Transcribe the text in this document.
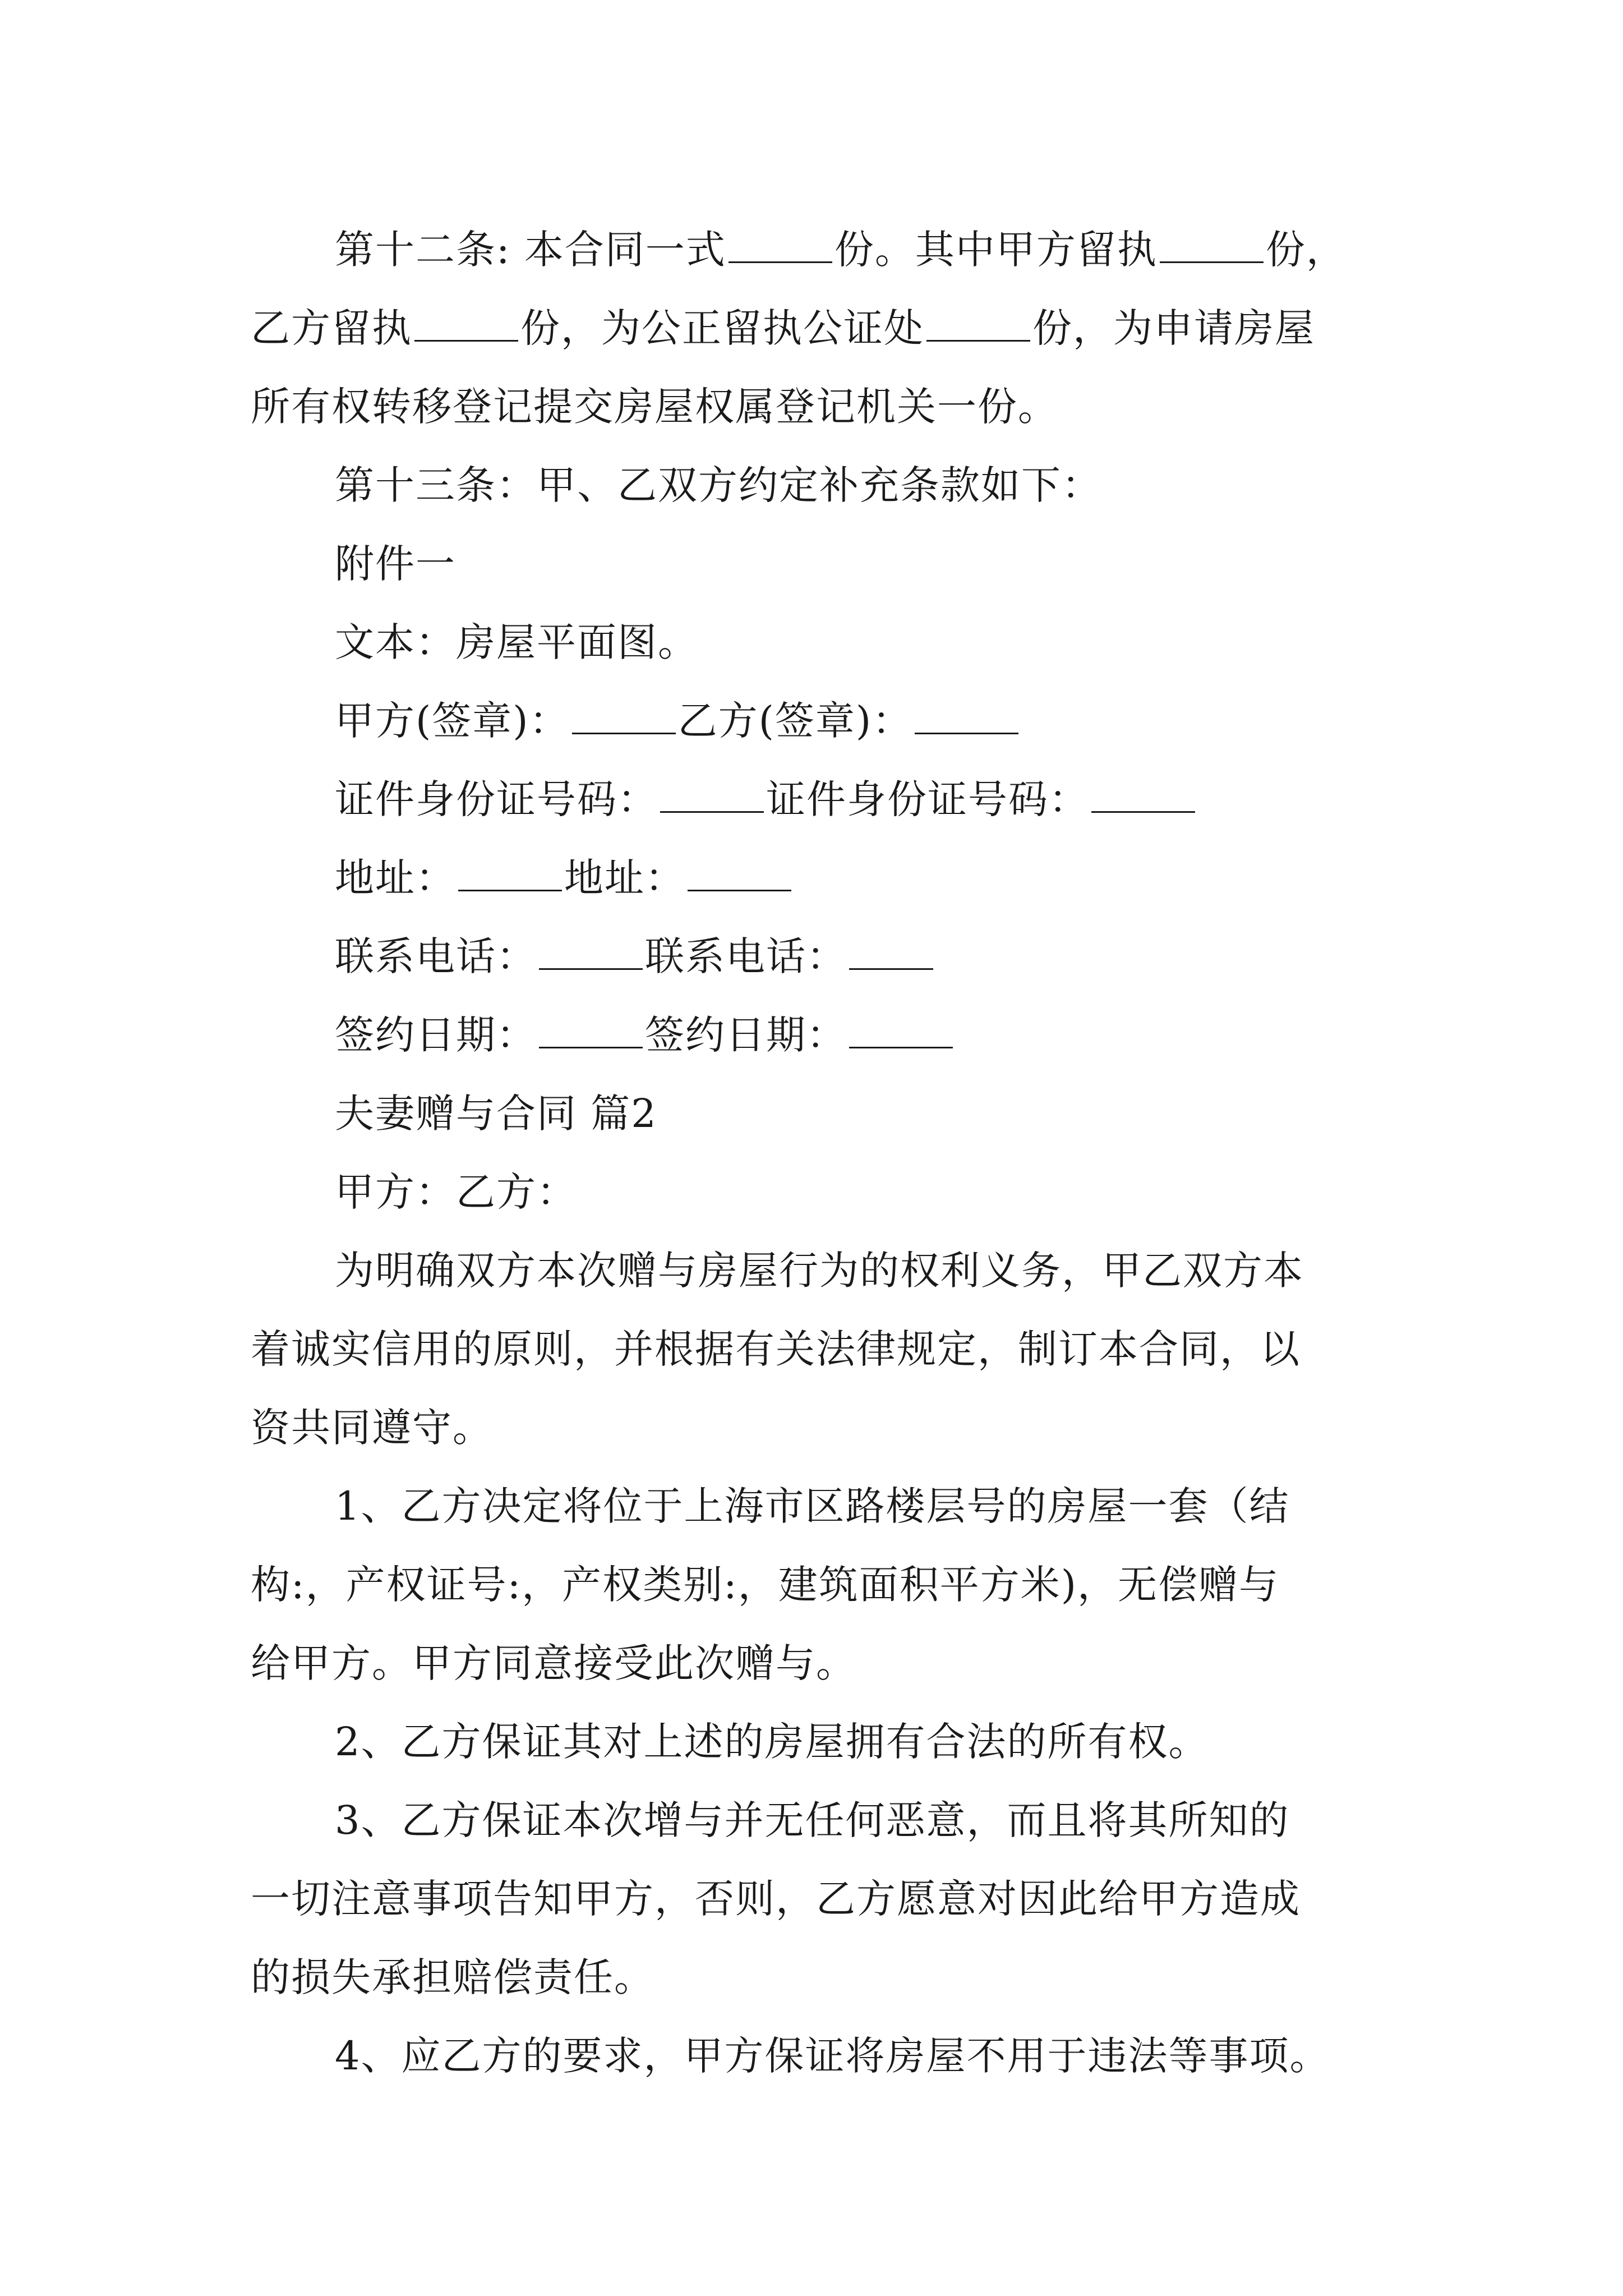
第十二条: 本合同一式	份。其中甲方留执	份，
乙方留执	份，为公正留执公证处	份，为申请房屋
所有权转移登记提交房屋权属登记机关一份。
第十三条：甲、乙双方约定补充条款如下：
附件一
文本：房屋平面图。
甲方(签章)：	乙方(签章)：
证件身份证号码：	证件身份证号码：
地址：	地址：
联系电话：	联系电话：
签约日期：	签约日期：
夫妻赠与合同 篇2
甲方：乙方：
为明确双方本次赠与房屋行为的权利义务，甲乙双方本
着诚实信用的原则，并根据有关法律规定，制订本合同，以
资共同遵守。
1、乙方决定将位于上海市区路楼层号的房屋一套（结
构:，产权证号:，产权类别:，建筑面积平方米)，无偿赠与
给甲方。甲方同意接受此次赠与。
2、乙方保证其对上述的房屋拥有合法的所有权。
3、乙方保证本次增与并无任何恶意，而且将其所知的
一切注意事项告知甲方，否则，乙方愿意对因此给甲方造成
的损失承担赔偿责任。
4、应乙方的要求，甲方保证将房屋不用于违法等事项。
